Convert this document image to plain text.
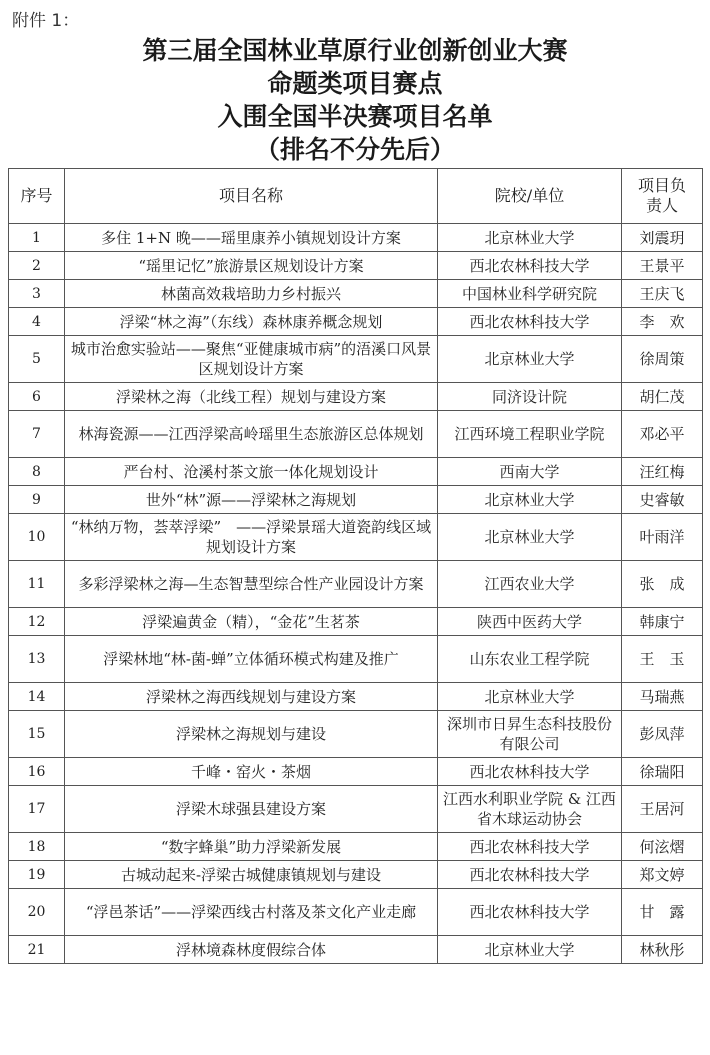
附件 1：
第三届全国林业草原行业创新创业大赛
命题类项目赛点
入围全国半决赛项目名单
（排名不分先后）
序号	项目名称	院校/单位	项目负
责人
1	多住 1+N 晚——瑶里康养小镇规划设计方案	北京林业大学	刘震玥
2	“瑶里记忆”旅游景区规划设计方案	西北农林科技大学	王景平
3	林菌高效栽培助力乡村振兴	中国林业科学研究院	王庆飞
4	浮梁“林之海”（东线）森林康养概念规划	西北农林科技大学	李　欢
5	城市治愈实验站——聚焦“亚健康城市病”的浯溪口风景区规划设计方案	北京林业大学	徐周策
6	浮梁林之海（北线工程）规划与建设方案	同济设计院	胡仁茂
7	林海瓷源——江西浮梁高岭瑶里生态旅游区总体规划	江西环境工程职业学院	邓必平
8	严台村、沧溪村茶文旅一体化规划设计	西南大学	汪红梅
9	世外“林”源——浮梁林之海规划	北京林业大学	史睿敏
10	“林纳万物，荟萃浮梁”　——浮梁景瑶大道瓷韵线区域规划设计方案	北京林业大学	叶雨洋
11	多彩浮梁林之海—生态智慧型综合性产业园设计方案	江西农业大学	张　成
12	浮梁遍黄金（精），“金花”生茗茶	陕西中医药大学	韩康宁
13	浮梁林地“林-菌-蝉”立体循环模式构建及推广	山东农业工程学院	王　玉
14	浮梁林之海西线规划与建设方案	北京林业大学	马瑞燕
15	浮梁林之海规划与建设	深圳市日昇生态科技股份有限公司	彭凤萍
16	千峰・窑火・茶烟	西北农林科技大学	徐瑞阳
17	浮梁木球强县建设方案	江西水利职业学院 & 江西省木球运动协会	王居河
18	“数字蜂巢”助力浮梁新发展	西北农林科技大学	何泫熠
19	古城动起来-浮梁古城健康镇规划与建设	西北农林科技大学	郑文婷
20	“浮邑茶话”——浮梁西线古村落及茶文化产业走廊	西北农林科技大学	甘　露
21	浮林境森林度假综合体	北京林业大学	林秋彤
